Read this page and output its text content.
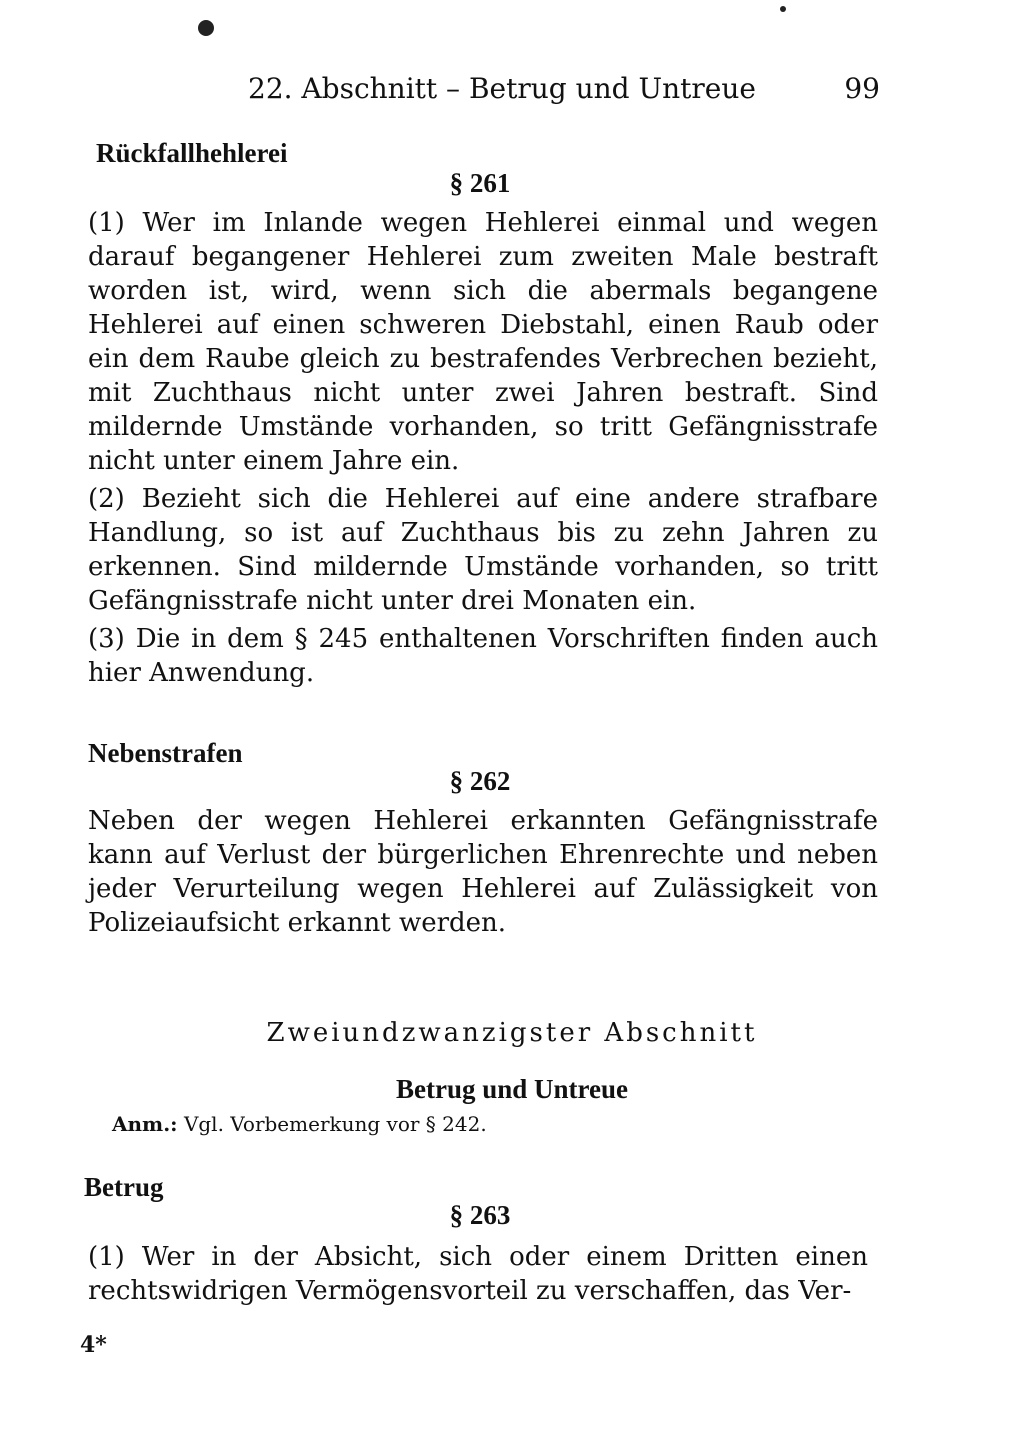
22. Abschnitt – Betrug und Untreue	99
Rückfallhehlerei
§ 261

(1) Wer im Inlande wegen Hehlerei einmal und wegen darauf begangener Hehlerei zum zweiten Male bestraft worden ist, wird, wenn sich die abermals begangene Hehlerei auf einen schweren Diebstahl, einen Raub oder ein dem Raube gleich zu bestrafendes Verbrechen bezieht, mit Zuchthaus nicht unter zwei Jahren bestraft. Sind mildernde Umstände vorhanden, so tritt Gefängnisstrafe nicht unter einem Jahre ein.

(2) Bezieht sich die Hehlerei auf eine andere strafbare Handlung, so ist auf Zuchthaus bis zu zehn Jahren zu erkennen. Sind mildernde Umstände vorhanden, so tritt Gefängnisstrafe nicht unter drei Monaten ein.

(3) Die in dem § 245 enthaltenen Vorschriften finden auch hier Anwendung.

Nebenstrafen
§ 262

Neben der wegen Hehlerei erkannten Gefängnisstrafe kann auf Verlust der bürgerlichen Ehrenrechte und neben jeder Verurteilung wegen Hehlerei auf Zulässigkeit von Polizeiaufsicht erkannt werden.

Zweiundzwanzigster Abschnitt
Betrug und Untreue
Anm.: Vgl. Vorbemerkung vor § 242.
Betrug
§ 263

(1) Wer in der Absicht, sich oder einem Dritten einen rechtswidrigen Vermögensvorteil zu verschaffen, das Ver-

4*
